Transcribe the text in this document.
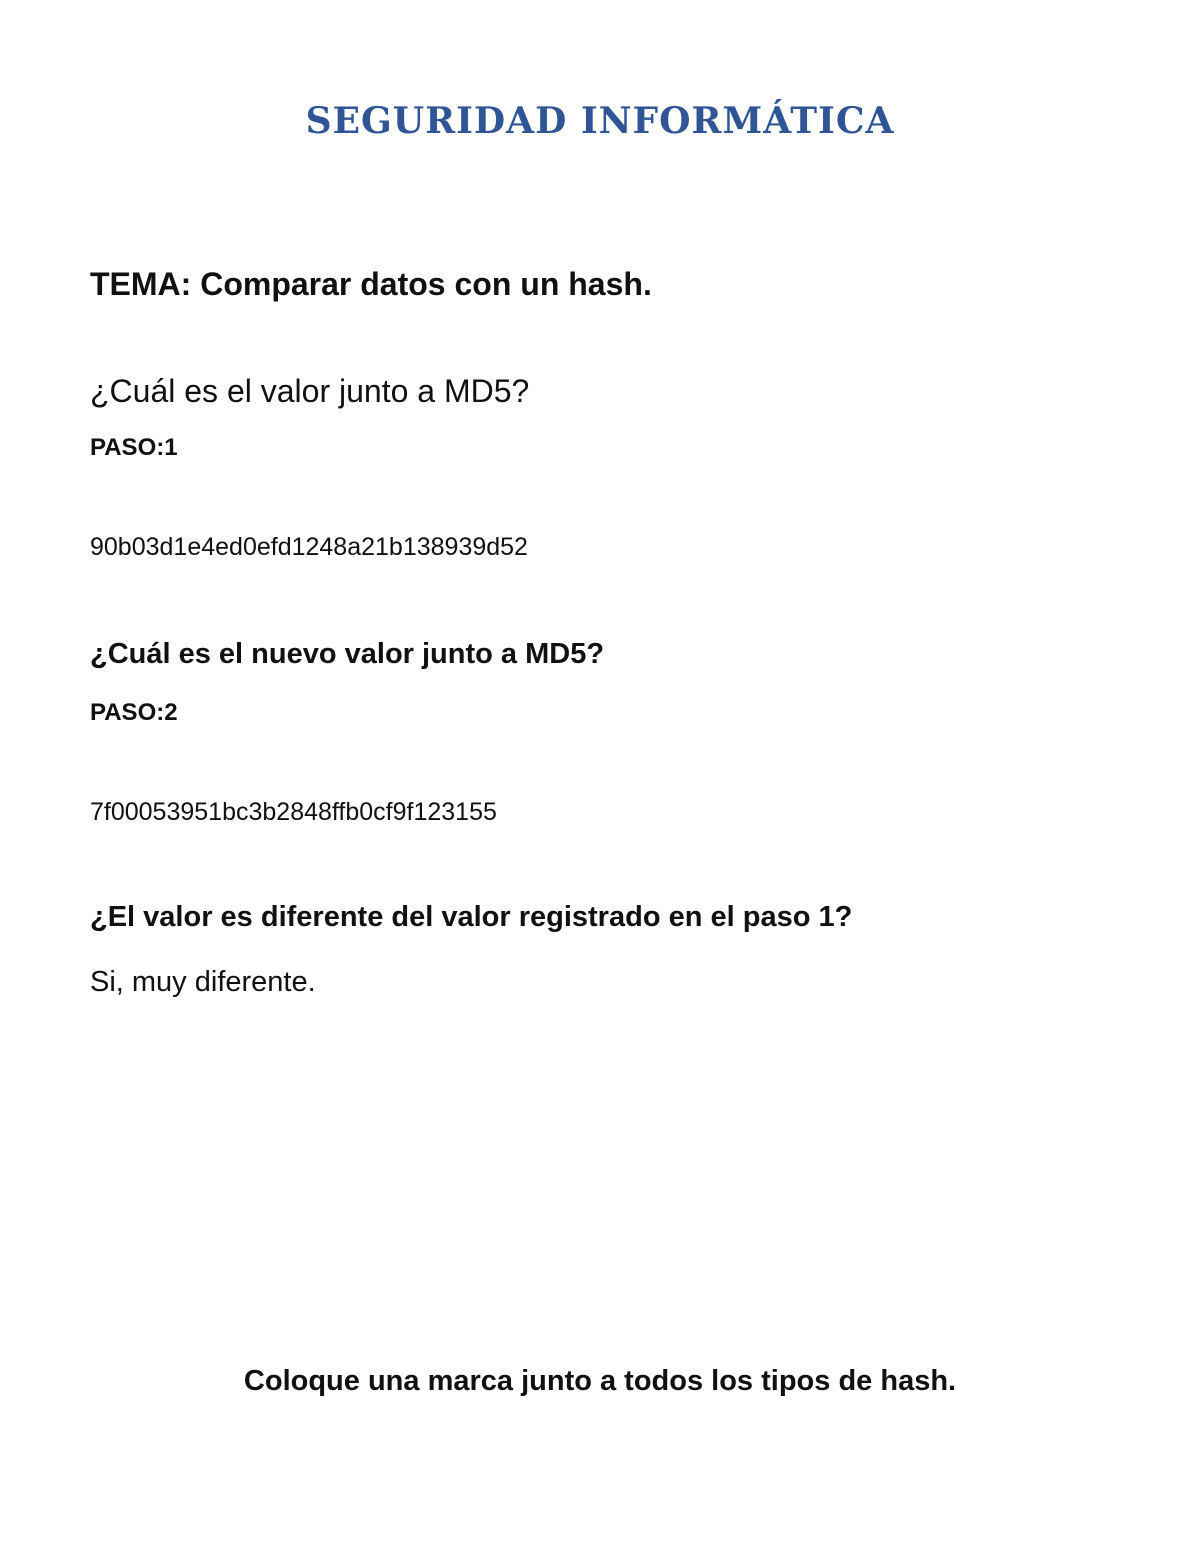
SEGURIDAD INFORMÁTICA

TEMA: Comparar datos con un hash.

¿Cuál es el valor junto a MD5?

PASO:1

90b03d1e4ed0efd1248a21b138939d52

¿Cuál es el nuevo valor junto a MD5?

PASO:2

7f00053951bc3b2848ffb0cf9f123155

¿El valor es diferente del valor registrado en el paso 1?

Si, muy diferente.

Coloque una marca junto a todos los tipos de hash.
